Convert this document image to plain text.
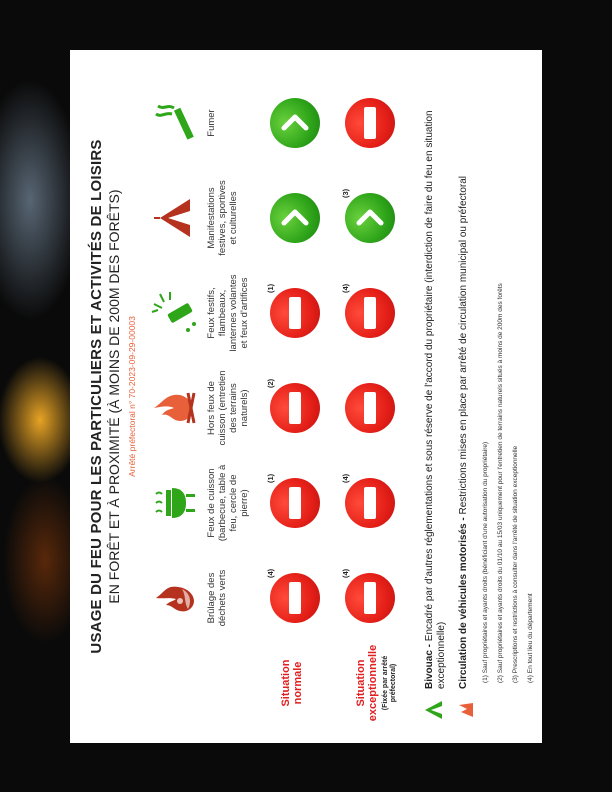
USAGE DU FEU POUR LES PARTICULIERS ET ACTIVITÉS DE LOISIRS EN FORÊT ET À PROXIMITÉ (À MOINS DE 200M DES FORÊTS) Arrêté préfectoral n° 70-2023-09-29-00003
Brûlage des déchets verts
Feux de cuisson (barbecue, table à feu, cercle de pierre)
Hors feux de cuisson (entretien des terrains naturels)
Feux festifs, flambeaux, lanternes volantes et feux d'artifices
Manifestations festives, sportives et culturelles
Fumer
Situation normale	Situation exceptionnelle (Fixée par arrêté préfectoral)
(4)
(1)
(2)
(1)
(4)
(4)
(4)
(3)
Bivouac - Encadré par d'autres réglementations et sous réserve de l'accord du propriétaire (interdiction de faire du feu en situation exceptionnelle) Circulation de véhicules motorisés - Restrictions mises en place par arrêté de circulation municipal ou préfectoral
(1) Sauf propriétaires et ayants droits (bénéficiant d'une autorisation du propriétaire) (2) Sauf propriétaires et ayants droits du 01/10 au 15/03 uniquement pour l'entretien de terrains naturels situés à moins de 200m des forêts (3) Prescriptions et restrictions à consulter dans l'arrêté de situation exceptionnelle (4) En tout lieu du département
